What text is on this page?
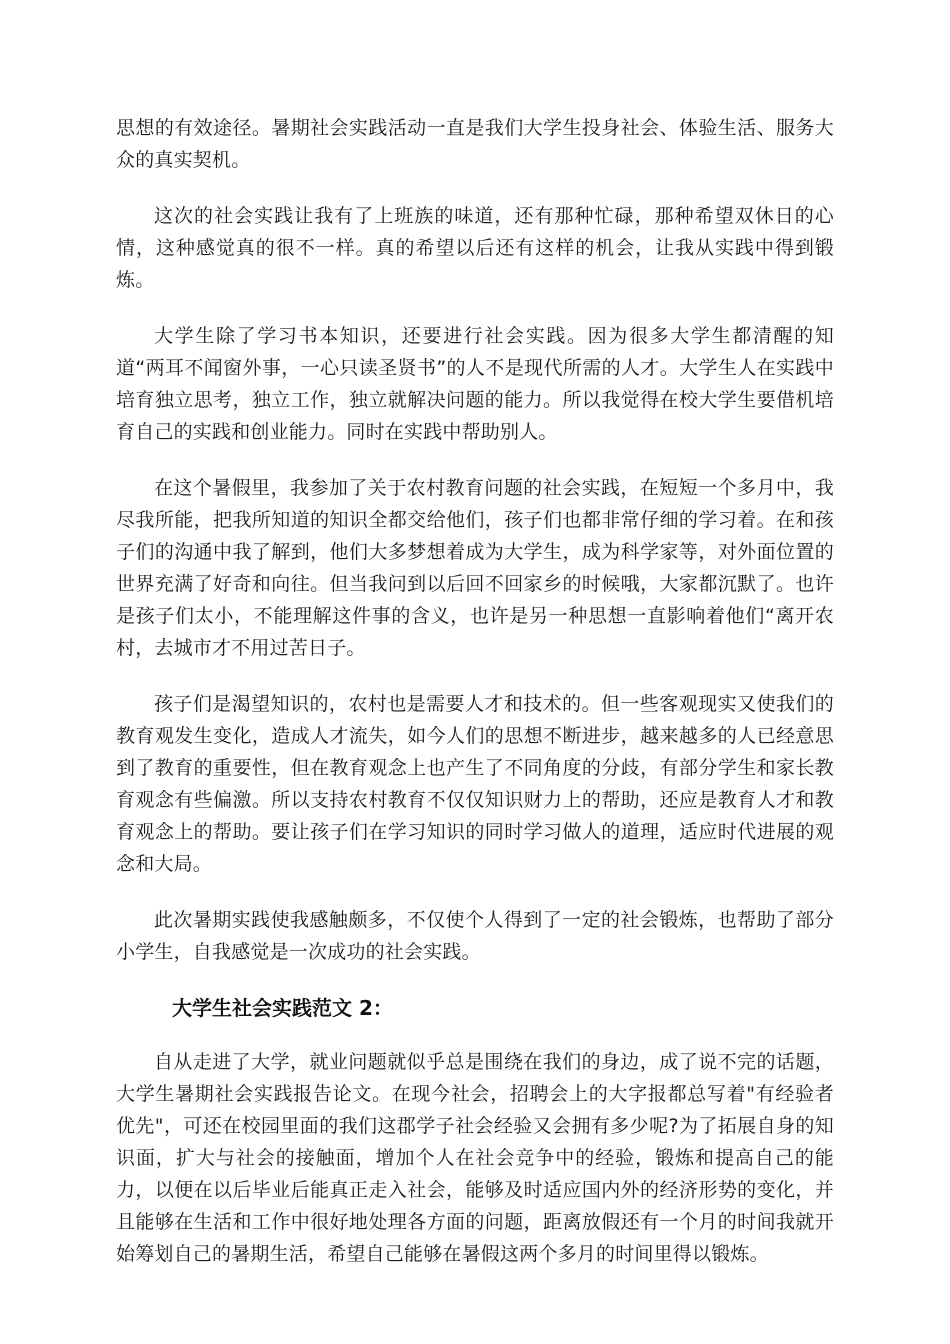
思想的有效途径。暑期社会实践活动一直是我们大学生投身社会、体验生活、服务大众的真实契机。

这次的社会实践让我有了上班族的味道，还有那种忙碌，那种希望双休日的心情，这种感觉真的很不一样。真的希望以后还有这样的机会，让我从实践中得到锻炼。

大学生除了学习书本知识，还要进行社会实践。因为很多大学生都清醒的知道“两耳不闻窗外事，一心只读圣贤书”的人不是现代所需的人才。大学生人在实践中培育独立思考，独立工作，独立就解决问题的能力。所以我觉得在校大学生要借机培育自己的实践和创业能力。同时在实践中帮助别人。

在这个暑假里，我参加了关于农村教育问题的社会实践，在短短一个多月中，我尽我所能，把我所知道的知识全都交给他们，孩子们也都非常仔细的学习着。在和孩子们的沟通中我了解到，他们大多梦想着成为大学生，成为科学家等，对外面位置的世界充满了好奇和向往。但当我问到以后回不回家乡的时候哦，大家都沉默了。也许是孩子们太小，不能理解这件事的含义，也许是另一种思想一直影响着他们“离开农村，去城市才不用过苦日子。

孩子们是渴望知识的，农村也是需要人才和技术的。但一些客观现实又使我们的教育观发生变化，造成人才流失，如今人们的思想不断进步，越来越多的人已经意思到了教育的重要性，但在教育观念上也产生了不同角度的分歧，有部分学生和家长教育观念有些偏激。所以支持农村教育不仅仅知识财力上的帮助，还应是教育人才和教育观念上的帮助。要让孩子们在学习知识的同时学习做人的道理，适应时代进展的观念和大局。

此次暑期实践使我感触颇多，不仅使个人得到了一定的社会锻炼，也帮助了部分小学生，自我感觉是一次成功的社会实践。

大学生社会实践范文 2：

自从走进了大学，就业问题就似乎总是围绕在我们的身边，成了说不完的话题，大学生暑期社会实践报告论文。在现今社会，招聘会上的大字报都总写着"有经验者优先"，可还在校园里面的我们这郡学子社会经验又会拥有多少呢?为了拓展自身的知识面，扩大与社会的接触面，增加个人在社会竞争中的经验，锻炼和提高自己的能力，以便在以后毕业后能真正走入社会，能够及时适应国内外的经济形势的变化，并且能够在生活和工作中很好地处理各方面的问题，距离放假还有一个月的时间我就开始筹划自己的暑期生活，希望自己能够在暑假这两个多月的时间里得以锻炼。
